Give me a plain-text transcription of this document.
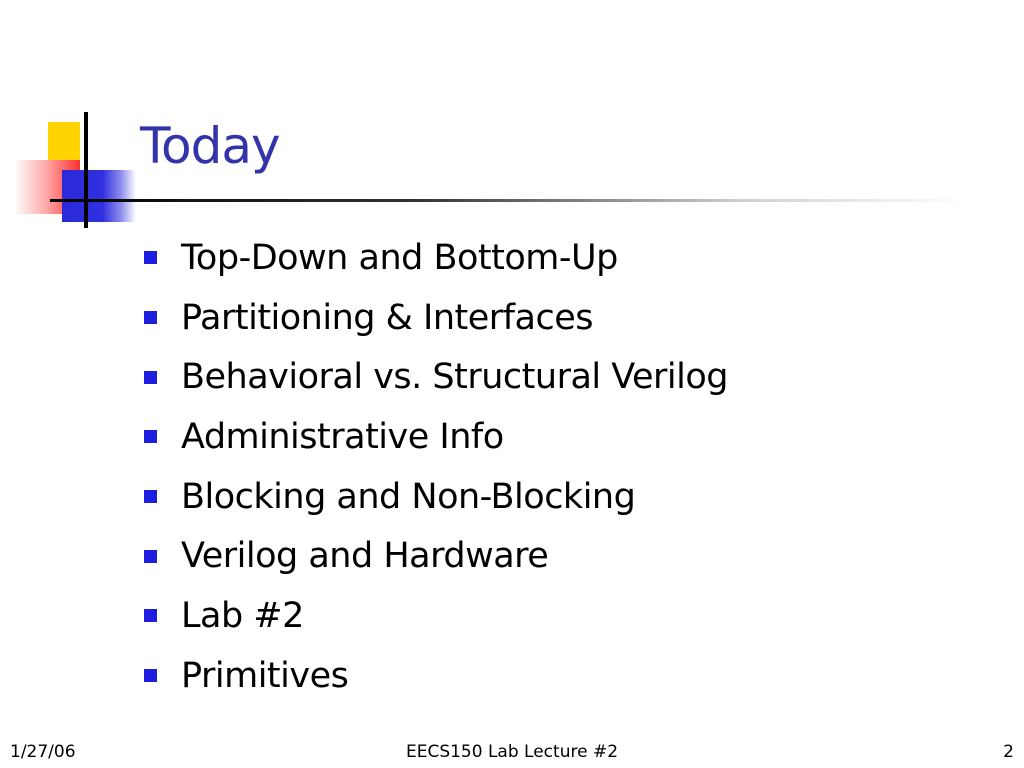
Today
Top-Down and Bottom-Up
Partitioning & Interfaces
Behavioral vs. Structural Verilog
Administrative Info
Blocking and Non-Blocking
Verilog and Hardware
Lab #2
Primitives
1/27/06	EECS150 Lab Lecture #2	2
